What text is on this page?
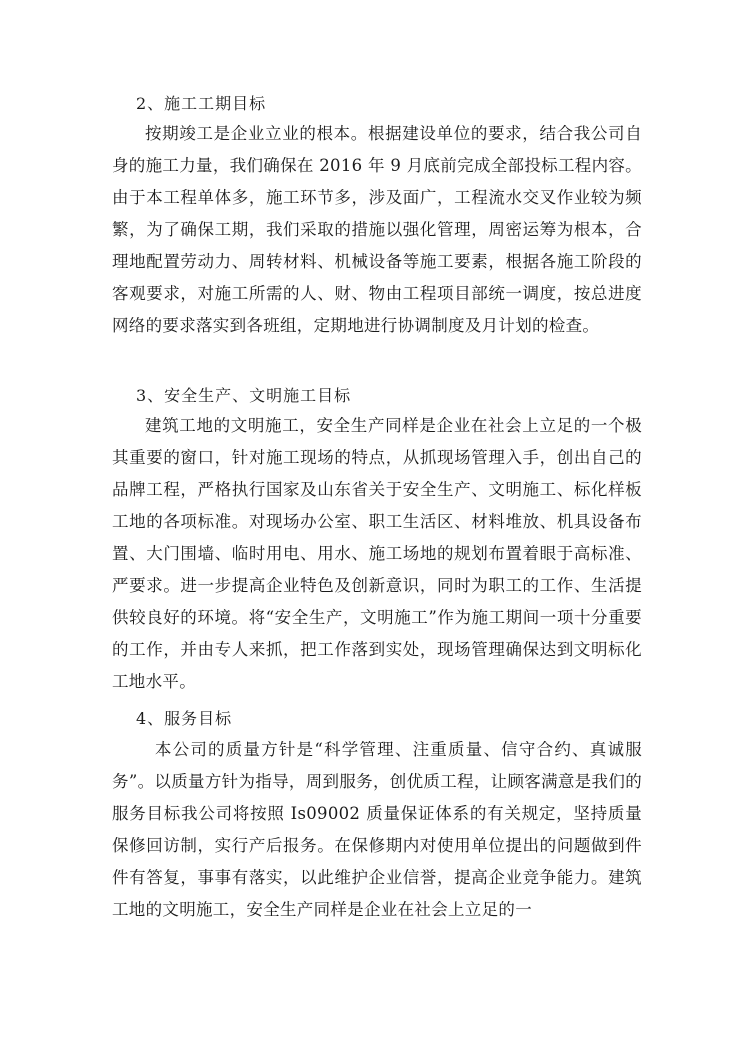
2、施工工期目标

按期竣工是企业立业的根本。根据建设单位的要求，结合我公司自身的施工力量，我们确保在 2016 年 9 月底前完成全部投标工程内容。由于本工程单体多，施工环节多，涉及面广，工程流水交叉作业较为频繁，为了确保工期，我们采取的措施以强化管理，周密运筹为根本，合理地配置劳动力、周转材料、机械设备等施工要素，根据各施工阶段的客观要求，对施工所需的人、财、物由工程项目部统一调度，按总进度网络的要求落实到各班组，定期地进行协调制度及月计划的检查。

3、安全生产、文明施工目标

建筑工地的文明施工，安全生产同样是企业在社会上立足的一个极其重要的窗口，针对施工现场的特点，从抓现场管理入手，创出自己的品牌工程，严格执行国家及山东省关于安全生产、文明施工、标化样板工地的各项标准。对现场办公室、职工生活区、材料堆放、机具设备布置、大门围墙、临时用电、用水、施工场地的规划布置着眼于高标准、严要求。进一步提高企业特色及创新意识，同时为职工的工作、生活提供较良好的环境。将“安全生产，文明施工”作为施工期间一项十分重要的工作，并由专人来抓，把工作落到实处，现场管理确保达到文明标化工地水平。

4、服务目标

本公司的质量方针是“科学管理、注重质量、信守合约、真诚服务”。以质量方针为指导，周到服务，创优质工程，让顾客满意是我们的服务目标我公司将按照 Is09002 质量保证体系的有关规定，坚持质量保修回访制，实行产后报务。在保修期内对使用单位提出的问题做到件件有答复，事事有落实，以此维护企业信誉，提高企业竞争能力。建筑工地的文明施工，安全生产同样是企业在社会上立足的一
